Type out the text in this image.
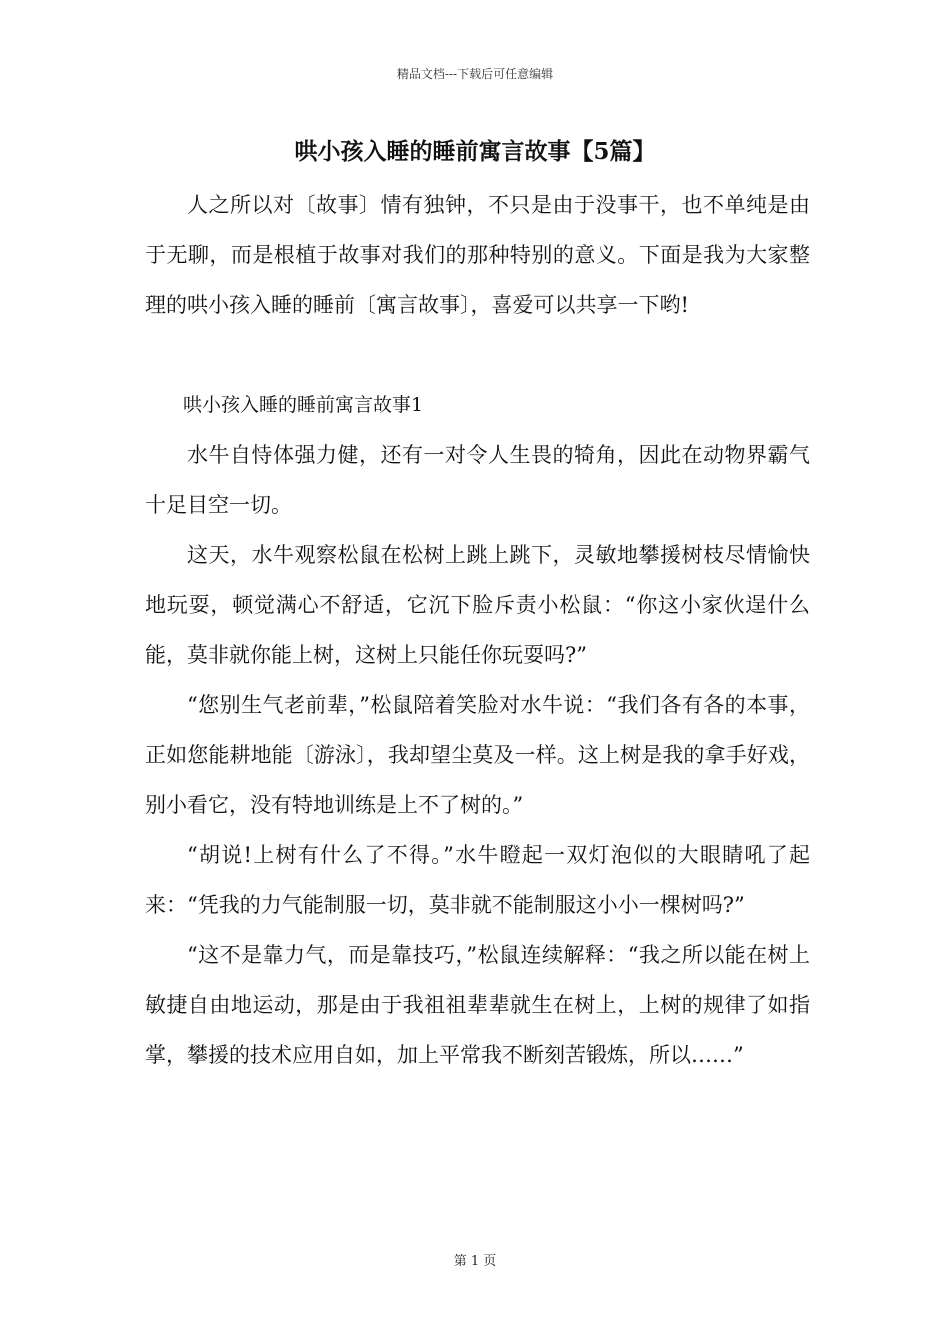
精品文档---下载后可任意编辑
哄小孩入睡的睡前寓言故事【5篇】

人之所以对〔故事〕情有独钟，不只是由于没事干，也不单纯是由于无聊，而是根植于故事对我们的那种特别的意义。下面是我为大家整理的哄小孩入睡的睡前〔寓言故事〕，喜爱可以共享一下哟!

哄小孩入睡的睡前寓言故事1

水牛自恃体强力健，还有一对令人生畏的犄角，因此在动物界霸气十足目空一切。

这天，水牛观察松鼠在松树上跳上跳下，灵敏地攀援树枝尽情愉快地玩耍，顿觉满心不舒适，它沉下脸斥责小松鼠：“你这小家伙逞什么能，莫非就你能上树，这树上只能任你玩耍吗?”

“您别生气老前辈，”松鼠陪着笑脸对水牛说：“我们各有各的本事，正如您能耕地能〔游泳〕，我却望尘莫及一样。这上树是我的拿手好戏，别小看它，没有特地训练是上不了树的。”

“胡说!上树有什么了不得。”水牛瞪起一双灯泡似的大眼睛吼了起来：“凭我的力气能制服一切，莫非就不能制服这小小一棵树吗?”

“这不是靠力气，而是靠技巧，”松鼠连续解释：“我之所以能在树上敏捷自由地运动，那是由于我祖祖辈辈就生在树上，上树的规律了如指掌，攀援的技术应用自如，加上平常我不断刻苦锻炼，所以……”

第 1 页
